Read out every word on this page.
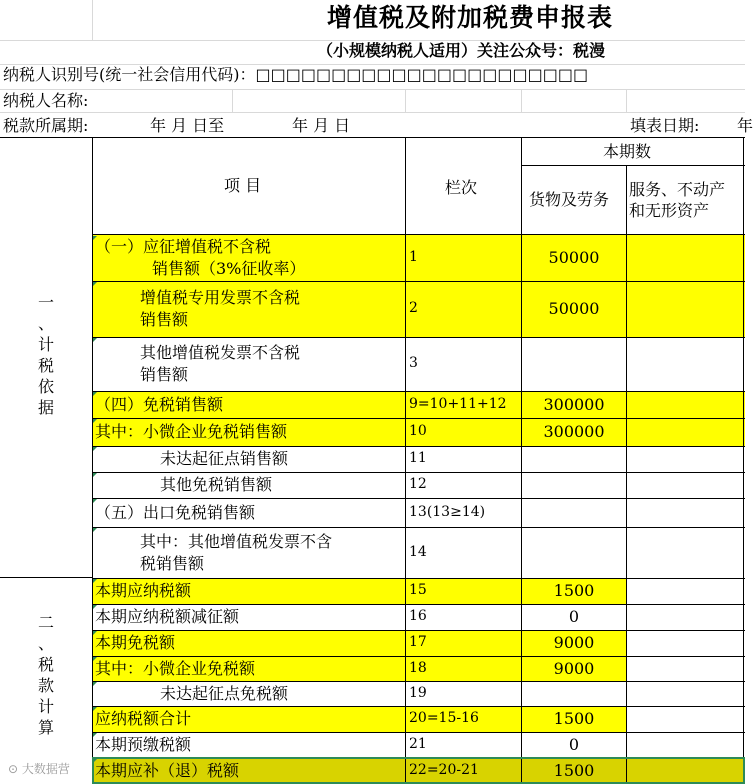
增值税及附加税费申报表
（小规模纳税人适用）关注公众号：税漫
纳税人识别号(统一社会信用代码)：□□□□□□□□□□□□□□□□□□□□□□
纳税人名称:
税款所属期:	年 月 日至	年 月 日	填表日期: 年
项 目	栏次
本期数
货物及劳务
服务、不动产
和无形资产
一
、
计
税
依
据
二
、
税
款
计
算
（一）应征增值税不含税
销售额（3%征收率）
1	50000
增值税专用发票不含税
销售额
2	50000
其他增值税发票不含税
销售额
3
（四）免税销售额	9=10+11+12	300000
其中：小微企业免税销售额	10	300000
未达起征点销售额	11
其他免税销售额	12
（五）出口免税销售额	13(13≥14)
其中：其他增值税发票不含
税销售额
14
本期应纳税额	15	1500
本期应纳税额减征额	16	0
本期免税额	17	9000
其中：小微企业免税额	18	9000
未达起征点免税额	19
应纳税额合计	20=15-16	1500
本期预缴税额	21	0
本期应补（退）税额	22=20-21	1500
⊙ 大数据营
